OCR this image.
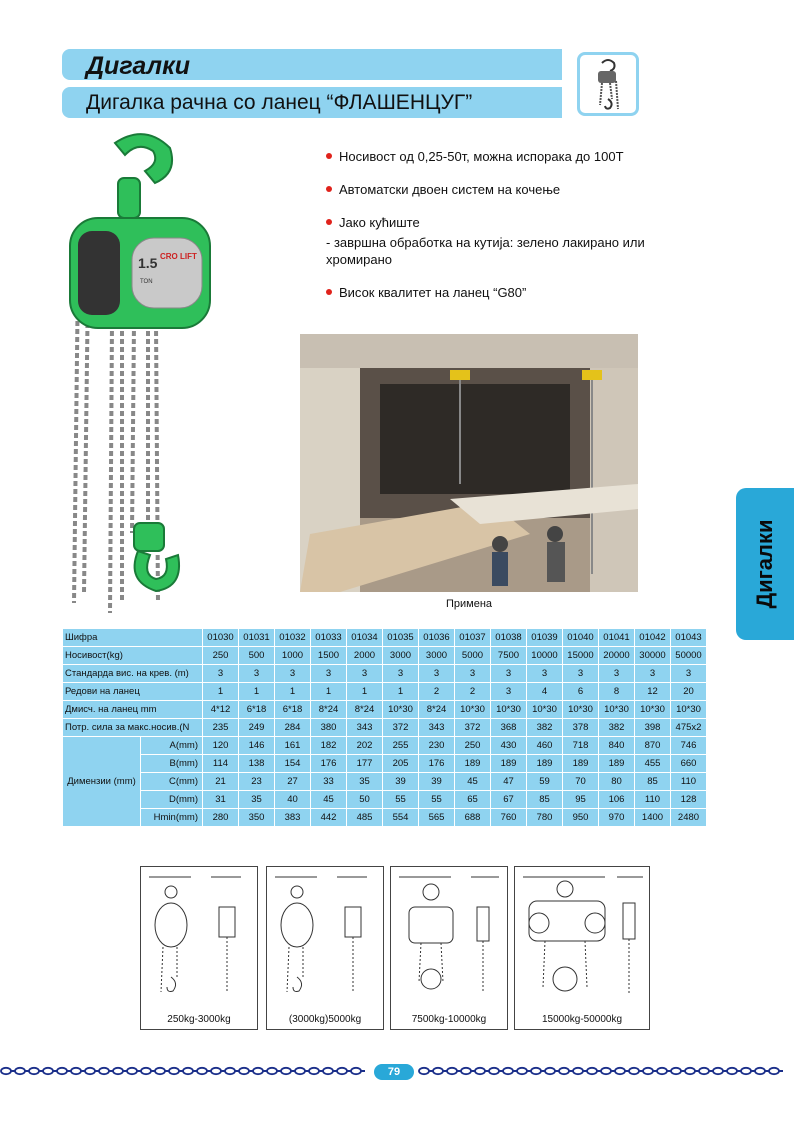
Дигалки
Дигалка рачна со ланец “ФЛАШЕНЦУГ”
1.5 CRO LIFT
TON

Носивост од 0,25-50т, можна испорака до 100Т

Автоматски двоен систем на кочење

Јако кућиште

- завршна обработка на кутија: зелено лакирано или хромирано

Висок квалитет на ланец “G80”

Примена	Дигалки
Шифра		01030	01031	01032	01033	01034	01035	01036	01037	01038	01039	01040	01041	01042	01043
Носивост(kg)		250	500	1000	1500	2000	3000	3000	5000	7500	10000	15000	20000	30000	50000
Стандарда вис. на крев. (m)		3	3	3	3	3	3	3	3	3	3	3	3	3	3
Редови на ланец		1	1	1	1	1	1	2	2	3	4	6	8	12	20
Дмисч. на ланец mm		4*12	6*18	6*18	8*24	8*24	10*30	8*24	10*30	10*30	10*30	10*30	10*30	10*30	10*30
Потр. сила за макс.носив.(N		235	249	284	380	343	372	343	372	368	382	378	382	398	475x2
Димензии (mm)	A(mm)	120	146	161	182	202	255	230	250	430	460	718	840	870	746
	B(mm)	114	138	154	176	177	205	176	189	189	189	189	189	455	660
	C(mm)	21	23	27	33	35	39	39	45	47	59	70	80	85	110
	D(mm)	31	35	40	45	50	55	55	65	67	85	95	106	110	128
	Hmin(mm)	280	350	383	442	485	554	565	688	760	780	950	970	1400	2480
250kg-3000kg	(3000kg)5000kg	7500kg-10000kg	15000kg-50000kg
79
